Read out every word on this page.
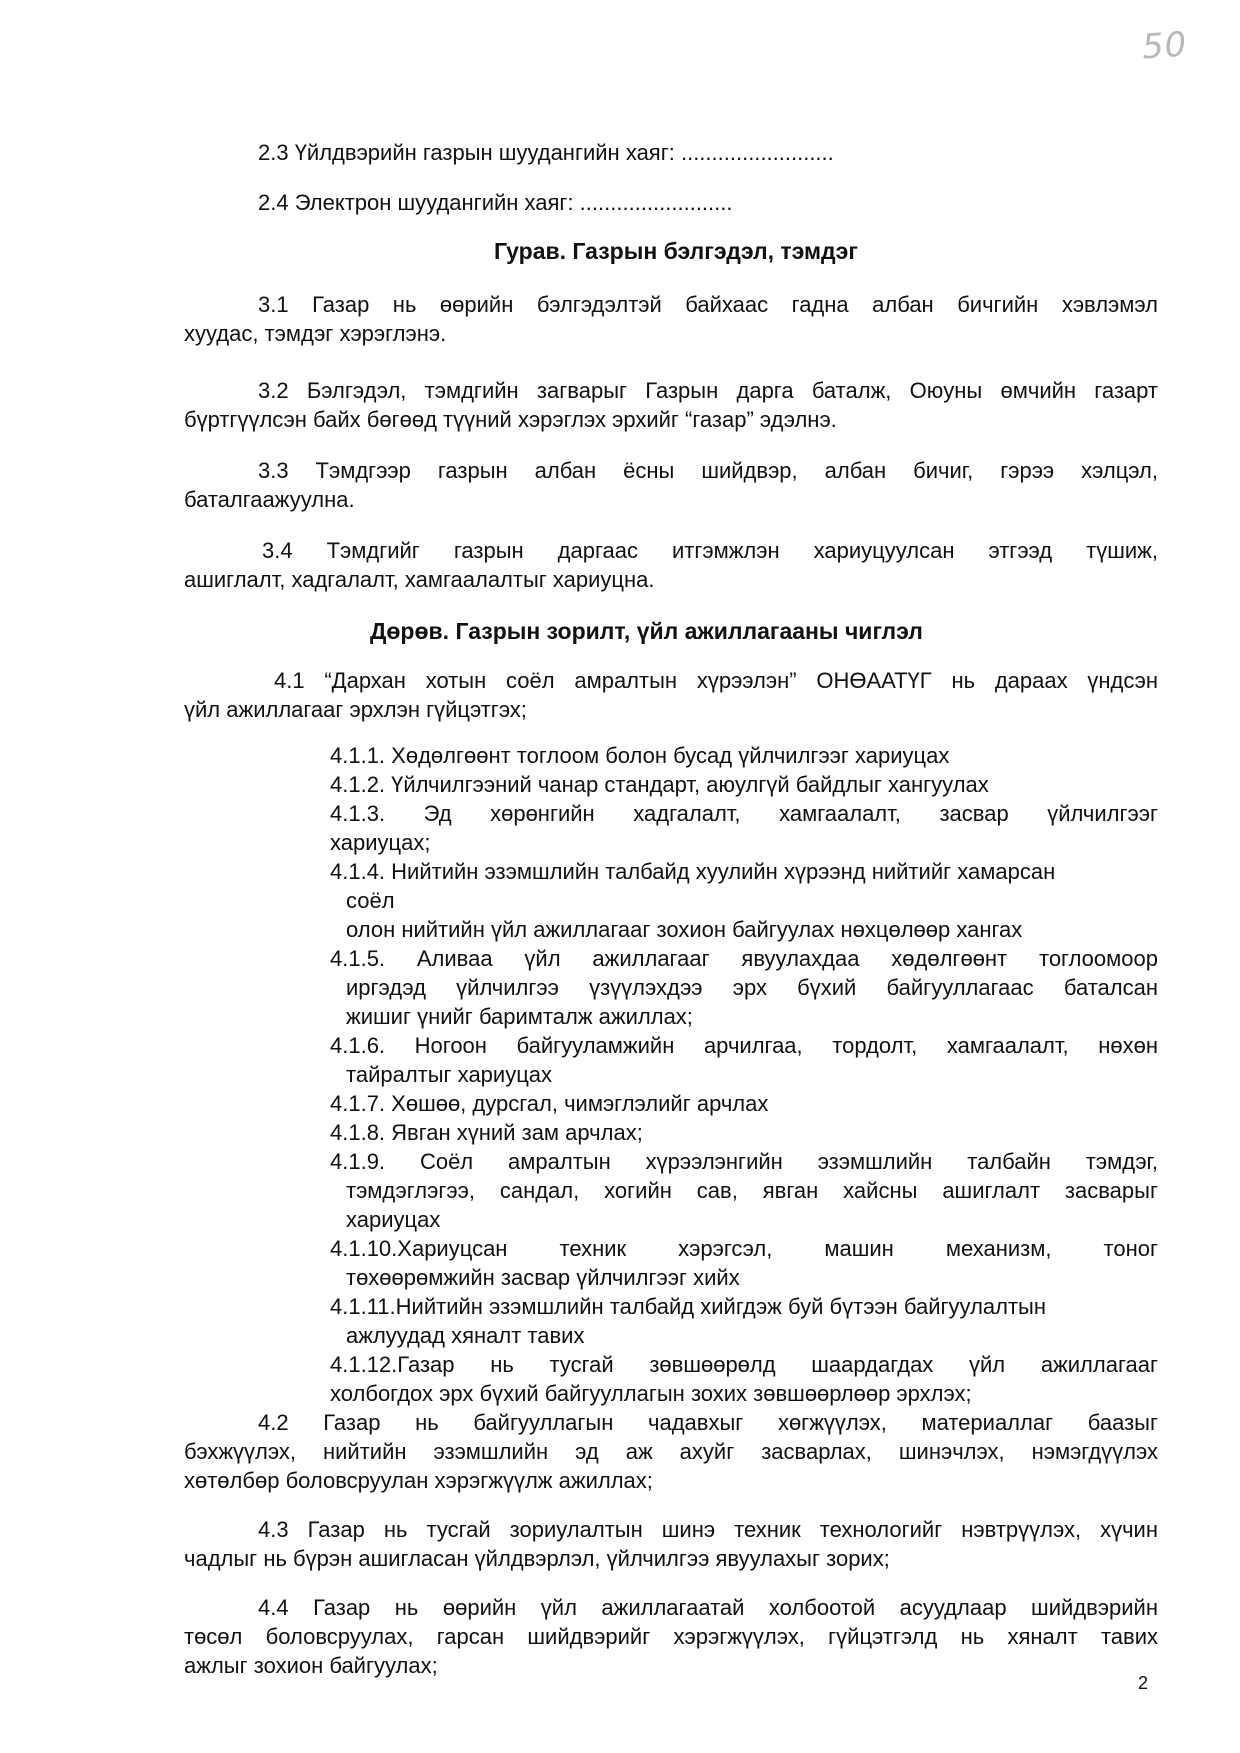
50
2.3 Үйлдвэрийн газрын шуудангийн хаяг: .........................
2.4 Электрон шуудангийн хаяг: .........................
Гурав. Газрын бэлгэдэл, тэмдэг
3.1 Газар нь өөрийн бэлгэдэлтэй байхаас гадна албан бичгийн хэвлэмэл
хуудас, тэмдэг хэрэглэнэ.
3.2 Бэлгэдэл, тэмдгийн загварыг Газрын дарга баталж, Оюуны өмчийн газарт
бүртгүүлсэн байх бөгөөд түүний хэрэглэх эрхийг “газар” эдэлнэ.
3.3 Тэмдгээр газрын албан ёсны шийдвэр, албан бичиг, гэрээ хэлцэл,
баталгаажуулна.
3.4 Тэмдгийг газрын даргаас итгэмжлэн хариуцуулсан этгээд түшиж,
ашиглалт, хадгалалт, хамгаалалтыг хариуцна.
Дөрөв. Газрын зорилт, үйл ажиллагааны чиглэл
4.1 “Дархан хотын соёл амралтын хүрээлэн” ОНӨААТҮГ нь дараах үндсэн
үйл ажиллагааг эрхлэн гүйцэтгэх;
4.1.1. Хөдөлгөөнт тоглоом болон бусад үйлчилгээг хариуцах
4.1.2. Үйлчилгээний чанар стандарт, аюулгүй байдлыг хангуулах
4.1.3. Эд хөрөнгийн хадгалалт, хамгаалалт, засвар үйлчилгээг
хариуцах;
4.1.4. Нийтийн эзэмшлийн талбайд хуулийн хүрээнд нийтийг хамарсан
соёл
олон нийтийн үйл ажиллагааг зохион байгуулах нөхцөлөөр хангах
4.1.5. Аливаа үйл ажиллагааг явуулахдаа хөдөлгөөнт тоглоомоор
иргэдэд үйлчилгээ үзүүлэхдээ эрх бүхий байгууллагаас баталсан
жишиг үнийг баримталж ажиллах;
4.1.6. Ногоон байгууламжийн арчилгаа, тордолт, хамгаалалт, нөхөн
тайралтыг хариуцах
4.1.7. Хөшөө, дурсгал, чимэглэлийг арчлах
4.1.8. Явган хүний зам арчлах;
4.1.9. Соёл амралтын хүрээлэнгийн эзэмшлийн талбайн тэмдэг,
тэмдэглэгээ, сандал, хогийн сав, явган хайсны ашиглалт засварыг
хариуцах
4.1.10.Хариуцсан техник хэрэгсэл, машин механизм, тоног
төхөөрөмжийн засвар үйлчилгээг хийх
4.1.11.Нийтийн эзэмшлийн талбайд хийгдэж буй бүтээн байгуулалтын
ажлуудад хяналт тавих
4.1.12.Газар нь тусгай зөвшөөрөлд шаардагдах үйл ажиллагааг
холбогдох эрх бүхий байгууллагын зохих зөвшөөрлөөр эрхлэх;
4.2 Газар нь байгууллагын чадавхыг хөгжүүлэх, материаллаг баазыг
бэхжүүлэх, нийтийн эзэмшлийн эд аж ахуйг засварлах, шинэчлэх, нэмэгдүүлэх
хөтөлбөр боловсруулан хэрэгжүүлж ажиллах;
4.3 Газар нь тусгай зориулалтын шинэ техник технологийг нэвтрүүлэх, хүчин
чадлыг нь бүрэн ашигласан үйлдвэрлэл, үйлчилгээ явуулахыг зорих;
4.4 Газар нь өөрийн үйл ажиллагаатай холбоотой асуудлаар шийдвэрийн
төсөл боловсруулах, гарсан шийдвэрийг хэрэгжүүлэх, гүйцэтгэлд нь хяналт тавих
ажлыг зохион байгуулах;
2
